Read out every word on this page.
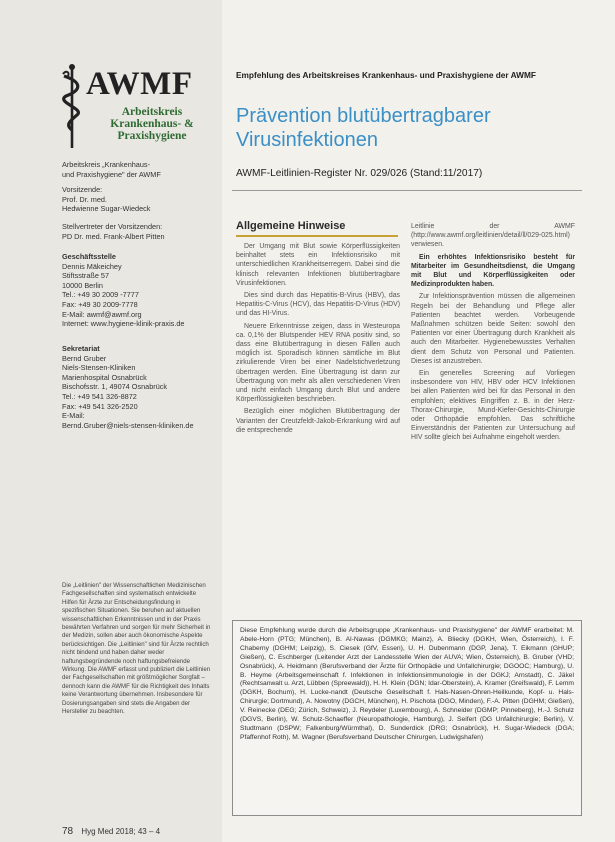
AWMF
Arbeitskreis
Krankenhaus- &
Praxishygiene
Arbeitskreis „Krankenhaus-
und Praxishygiene" der AWMF
Vorsitzende:
Prof. Dr. med.
Hedwienne Sugar-Wiedeck
Stellvertreter der Vorsitzenden:
PD Dr. med. Frank-Albert Pitten
Geschäftsstelle
Dennis Mäkeichey
Stiftsstraße 57
10000 Berlin
Tel.: +49 30 2009 -7777
Fax: +49 30 2009-7778
E-Mail: awmf@awmf.org
Internet: www.hygiene-klinik-praxis.de
Sekretariat
Bernd Gruber
Niels-Stensen-Kliniken
Marienhospital Osnabrück
Bischofsstr. 1, 49074 Osnabrück
Tel.: +49 541 326-8872
Fax: +49 541 326-2520
E-Mail:
Bernd.Gruber@niels-stensen-kliniken.de
Die „Leitlinien" der Wissenschaftlichen Medizinischen Fachgesellschaften sind systematisch entwickelte Hilfen für Ärzte zur Entscheidungsfindung in spezifischen Situationen. Sie beruhen auf aktuellen wissenschaftlichen Erkenntnissen und in der Praxis bewährten Verfahren und sorgen für mehr Sicherheit in der Medizin, sollen aber auch ökonomische Aspekte berücksichtigen. Die „Leitlinien" sind für Ärzte rechtlich nicht bindend und haben daher weder haftungsbegründende noch haftungsbefreiende Wirkung. Die AWMF erfasst und publiziert die Leitlinien der Fachgesellschaften mit größtmöglicher Sorgfalt – dennoch kann die AWMF für die Richtigkeit des Inhalts keine Verantwortung übernehmen. Insbesondere für Dosierungsangaben sind stets die Angaben der Hersteller zu beachten.
Empfehlung des Arbeitskreises Krankenhaus- und Praxishygiene der AWMF
Prävention blutübertragbarer Virusinfektionen
AWMF-Leitlinien-Register Nr. 029/026 (Stand:11/2017)
Allgemeine Hinweise

Der Umgang mit Blut sowie Körperflüssigkeiten beinhaltet stets ein Infektionsrisiko mit unterschiedlichen Krankheitserregern. Dabei sind die klinisch relevanten Infektionen blutübertragbare Virusinfektionen.

Dies sind durch das Hepatitis-B-Virus (HBV), das Hepatitis-C-Virus (HCV), das Hepatitis-D-Virus (HDV) und das HI-Virus.

Neuere Erkenntnisse zeigen, dass in Westeuropa ca. 0,1% der Blutspender HEV RNA positiv sind, so dass eine Blutübertragung in diesen Fällen auch möglich ist. Sporadisch können sämtliche im Blut zirkulierende Viren bei einer Nadelstichverletzung übertragen werden. Eine Übertragung ist dann zur Übertragung von mehr als allen verschiedenen Viren und nicht einfach Umgang durch Blut und andere Körperflüssigkeiten beschrieben.

Bezüglich einer möglichen Blutübertragung der Varianten der Creutzfeldt-Jakob-Erkrankung wird auf die entsprechende

Leitlinie der AWMF (http://www.awmf.org/leitlinien/detail/ll/029-025.html) verwiesen.

Ein erhöhtes Infektionsrisiko besteht für Mitarbeiter im Gesundheitsdienst, die Umgang mit Blut und Körperflüssigkeiten oder Medizinprodukten haben.

Zur Infektionsprävention müssen die allgemeinen Regeln bei der Behandlung und Pflege aller Patienten beachtet werden. Vorbeugende Maßnahmen schützen beide Seiten: sowohl den Patienten vor einer Übertragung durch Krankheit als auch den Mitarbeiter. Hygienebewusstes Verhalten dient dem Schutz von Personal und Patienten. Dieses ist anzustreben.

Ein generelles Screening auf Vorliegen insbesondere von HIV, HBV oder HCV Infektionen bei allen Patienten wird bei für das Personal in den empfohlen; elektives Eingriffen z. B. in der Herz-Thorax-Chirurgie, Mund-Kiefer-Gesichts-Chirurgie oder Orthopädie empfohlen. Das schriftliche Einverständnis der Patienten zur Untersuchung auf HIV sollte gleich bei Aufnahme eingeholt werden.

Diese Empfehlung wurde durch die Arbeitsgruppe „Krankenhaus- und Praxishygiene" der AWMF erarbeitet: M. Abele-Horn (PTG; München), B. Al-Nawas (DGMKG; Mainz), A. Bliecky (DGKH, Wien, Österreich), I. F. Chaberny (DGHM; Leipzig), S. Ciesek (GfV, Essen), U. H. Dubenmann (DGP, Jena), T. Eikmann (GHUP; Gießen), C. Eschberger (Leitender Arzt der Landesstelle Wien der AUVA; Wien, Österreich), B. Gruber (VHD; Osnabrück), A. Heidmann (Berufsverband der Ärzte für Orthopädie und Unfallchirurgie; DGOOC; Hamburg), U. B. Heyme (Arbeitsgemeinschaft f. Infektionen in Infektionsimmunologie in der DGKJ; Arnstadt), C. Jäkel (Rechtsanwalt u. Arzt, Lübben (Spreewald)), H. H. Klein (DGN; Idar-Oberstein), A. Kramer (Greifswald), F. Lemm (DGKH, Bochum), H. Lucke-nandt (Deutsche Gesellschaft f. Hals-Nasen-Ohren-Heilkunde, Kopf- u. Hals-Chirurgie; Dortmund), A. Nowotny (DGCH, München), H. Pischota (DGO, Minden), F.-A. Pitten (DGHM; Gießen), V. Reinecke (DEG; Zürich, Schweiz), J. Reydeler (Luxembourg), A. Schneider (DGMP; Pinneberg), H.-J. Schulz (DGVS, Berlin), W. Schulz-Schaeffer (Neuropathologie, Hamburg), J. Seifert (DG Unfallchirurgie; Berlin), V. Studtmann (DSPW; Falkenburg/Würmthal), D. Sunderdick (DRG; Osnabrück), H. Sugar-Wiedeck (DGA; Pfaffenhof Roth), M. Wagner (Berufsverband Deutscher Chirurgen, Ludwigshafen)
78 Hyg Med 2018; 43 – 4
